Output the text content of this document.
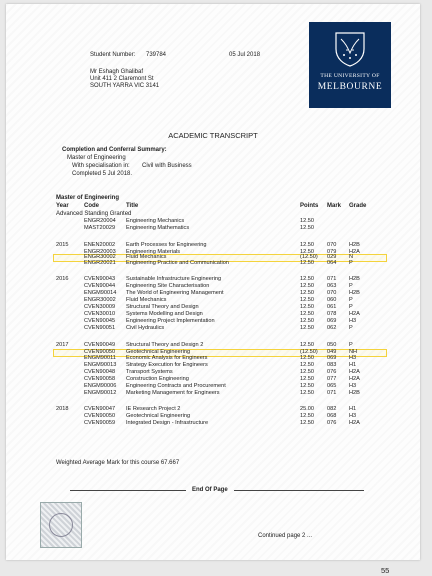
Student Number: 739784	05 Jul 2018
Mr Eshagh Ghalibaf
Unit 411 2 Claremont St
SOUTH YARRA VIC 3141
THE UNIVERSITY OF
MELBOURNE
ACADEMIC TRANSCRIPT
Completion and Conferral Summary:
Master of Engineering
With specialisation in: Civil with Business
Completed 5 Jul 2018.
Master of Engineering
Year	Code	Title	Points Mark Grade
Advanced Standing Granted
ENGR20004 Engineering Mechanics	12.50
MAST20029 Engineering Mathematics	12.50
2015	ENEN20002 Earth Processes for Engineering	12.50 070 H2B
ENGR20003 Engineering Materials	12.50 079 H2A
ENGR30002 Fluid Mechanics	(12.50) 029 N
ENGR20021 Engineering Practice and Communication	12.50 064 P
2016	CVEN90043 Sustainable Infrastructure Engineering	12.50 071 H2B
CVEN90044 Engineering Site Characterisation	12.50 063 P
ENGM90014 The World of Engineering Management	12.50 070 H2B
ENGR30002 Fluid Mechanics	12.50 060 P
CVEN30009 Structural Theory and Design	12.50 061 P
CVEN30010 Systems Modelling and Design	12.50 078 H2A
CVEN90045 Engineering Project Implementation	12.50 069 H3
CVEN90051 Civil Hydraulics	12.50 062 P
2017	CVEN90049 Structural Theory and Design 2	12.50 050 P
CVEN90050 Geotechnical Engineering	(12.50) 049 NH
ENGM90011 Economic Analysis for Engineers	12.50 069 H3
ENGM90013 Strategy Execution for Engineers	12.50 083 H1
CVEN90048 Transport Systems	12.50 076 H2A
CVEN90058 Construction Engineering	12.50 077 H2A
ENGM90006 Engineering Contracts and Procurement	12.50 065 H3
ENGM90012 Marketing Management for Engineers	12.50 071 H2B
2018	CVEN90047 IE Research Project 2	25.00 082 H1
CVEN90050 Geotechnical Engineering	12.50 068 H3
CVEN90059 Integrated Design - Infrastructure	12.50 076 H2A
Weighted Average Mark for this course 67.667
End Of Page
Continued page 2 ...
55
